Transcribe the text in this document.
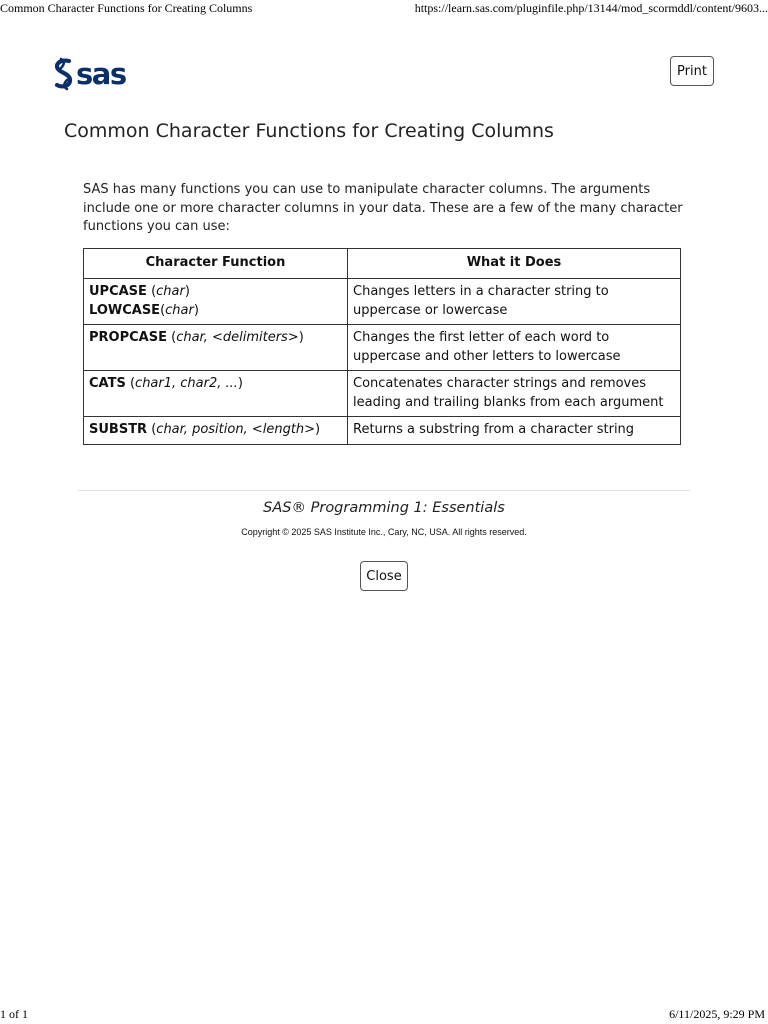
Common Character Functions for Creating Columns	https://learn.sas.com/pluginfile.php/13144/mod_scormddl/content/9603...
sas	Print
Common Character Functions for Creating Columns

SAS has many functions you can use to manipulate character columns. The arguments include one or more character columns in your data. These are a few of the many character functions you can use:

Character Function	What it Does

UPCASE (char)
LOWCASE(char)	Changes letters in a character string to uppercase or lowercase
PROPCASE (char, <delimiters>)	Changes the first letter of each word to uppercase and other letters to lowercase
CATS (char1, char2, ...)	Concatenates character strings and removes leading and trailing blanks from each argument
SUBSTR (char, position, <length>)	Returns a substring from a character string
SAS® Programming 1: Essentials
Copyright © 2025 SAS Institute Inc., Cary, NC, USA. All rights reserved.
Close
1 of 1	6/11/2025, 9:29 PM
